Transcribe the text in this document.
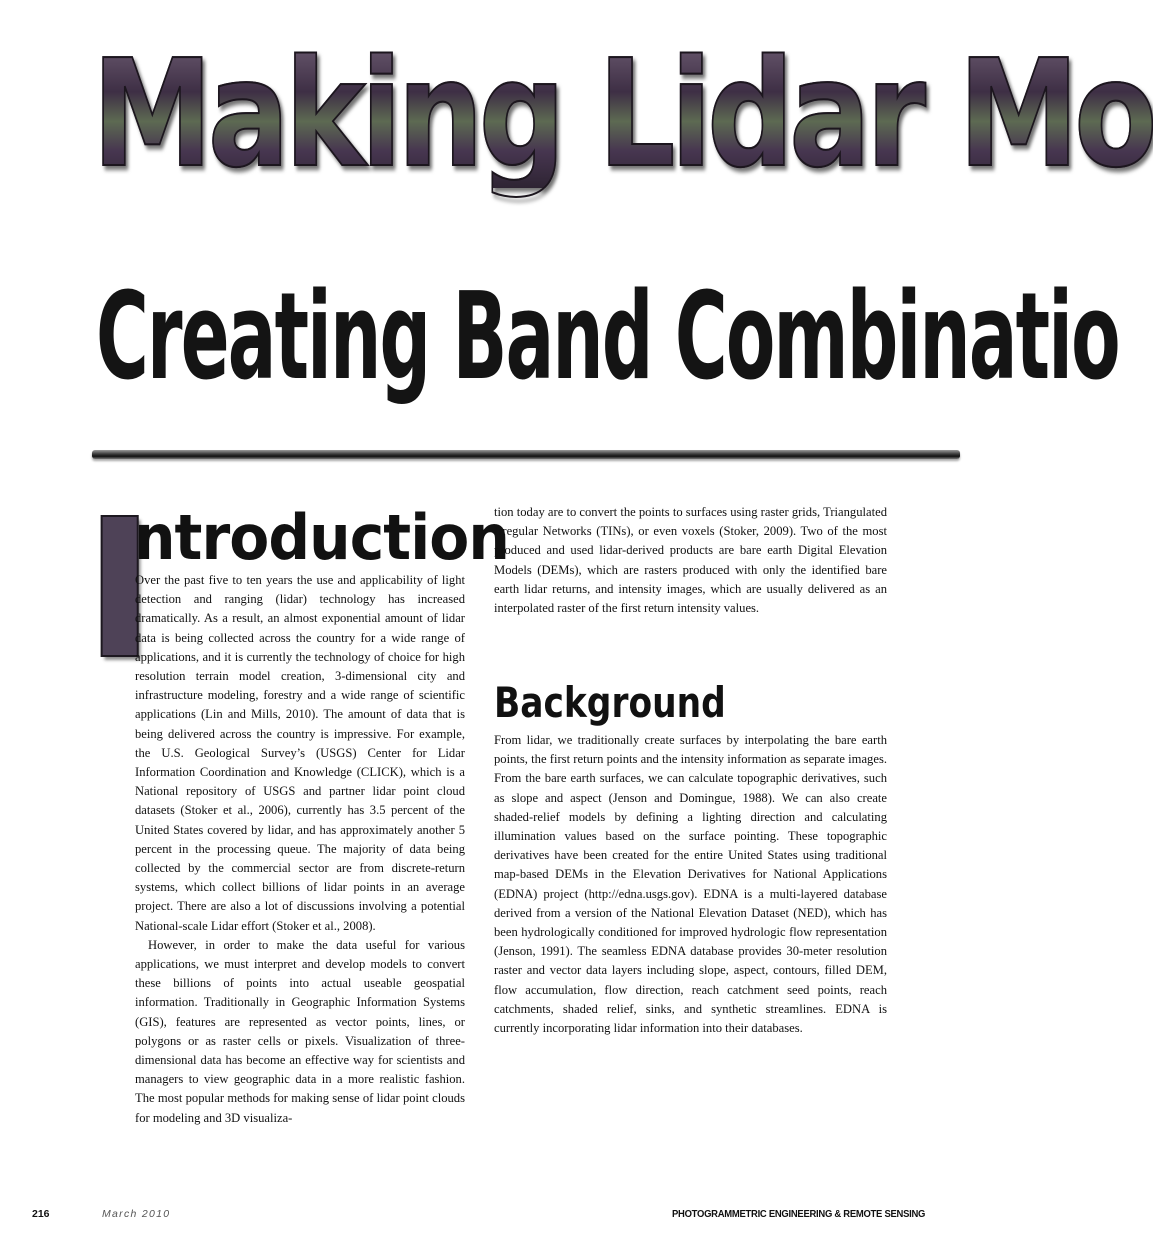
Making Lidar Mo
Creating Band Combinatio
I
ntroduction

Over the past five to ten years the use and applicability of light detection and ranging (lidar) technology has increased dramatically. As a result, an almost exponential amount of lidar data is being collected across the country for a wide range of applications, and it is currently the technology of choice for high resolution terrain model creation, 3-dimensional city and infrastructure modeling, forestry and a wide range of scientific applications (Lin and Mills, 2010). The amount of data that is being delivered across the country is impressive. For example, the U.S. Geological Survey’s (USGS) Center for Lidar Information Coordination and Knowledge (CLICK), which is a National repository of USGS and partner lidar point cloud datasets (Stoker et al., 2006), currently has 3.5 percent of the United States covered by lidar, and has approximately another 5 percent in the processing queue. The majority of data being collected by the commercial sector are from discrete-return systems, which collect billions of lidar points in an average project. There are also a lot of discussions involving a potential National-scale Lidar effort (Stoker et al., 2008).

However, in order to make the data useful for various applications, we must interpret and develop models to convert these billions of points into actual useable geospatial information. Traditionally in Geographic Information Systems (GIS), features are represented as vector points, lines, or polygons or as raster cells or pixels. Visualization of three-dimensional data has become an effective way for scientists and managers to view geographic data in a more realistic fashion. The most popular methods for making sense of lidar point clouds for modeling and 3D visualiza-

tion today are to convert the points to surfaces using raster grids, Triangulated Irregular Networks (TINs), or even voxels (Stoker, 2009). Two of the most produced and used lidar-derived products are bare earth Digital Elevation Models (DEMs), which are rasters produced with only the identified bare earth lidar returns, and intensity images, which are usually delivered as an interpolated raster of the first return intensity values.

Background

From lidar, we traditionally create surfaces by interpolating the bare earth points, the first return points and the intensity information as separate images. From the bare earth surfaces, we can calculate topographic derivatives, such as slope and aspect (Jenson and Domingue, 1988). We can also create shaded-relief models by defining a lighting direction and calculating illumination values based on the surface pointing. These topographic derivatives have been created for the entire United States using traditional map-based DEMs in the Elevation Derivatives for National Applications (EDNA) project (http://edna.usgs.gov). EDNA is a multi-layered database derived from a version of the National Elevation Dataset (NED), which has been hydrologically conditioned for improved hydrologic flow representation (Jenson, 1991). The seamless EDNA database provides 30-meter resolution raster and vector data layers including slope, aspect, contours, filled DEM, flow accumulation, flow direction, reach catchment seed points, reach catchments, shaded relief, sinks, and synthetic streamlines. EDNA is currently incorporating lidar information into their databases.

216	March 2010	PHOTOGRAMMETRIC ENGINEERING & REMOTE SENSING
